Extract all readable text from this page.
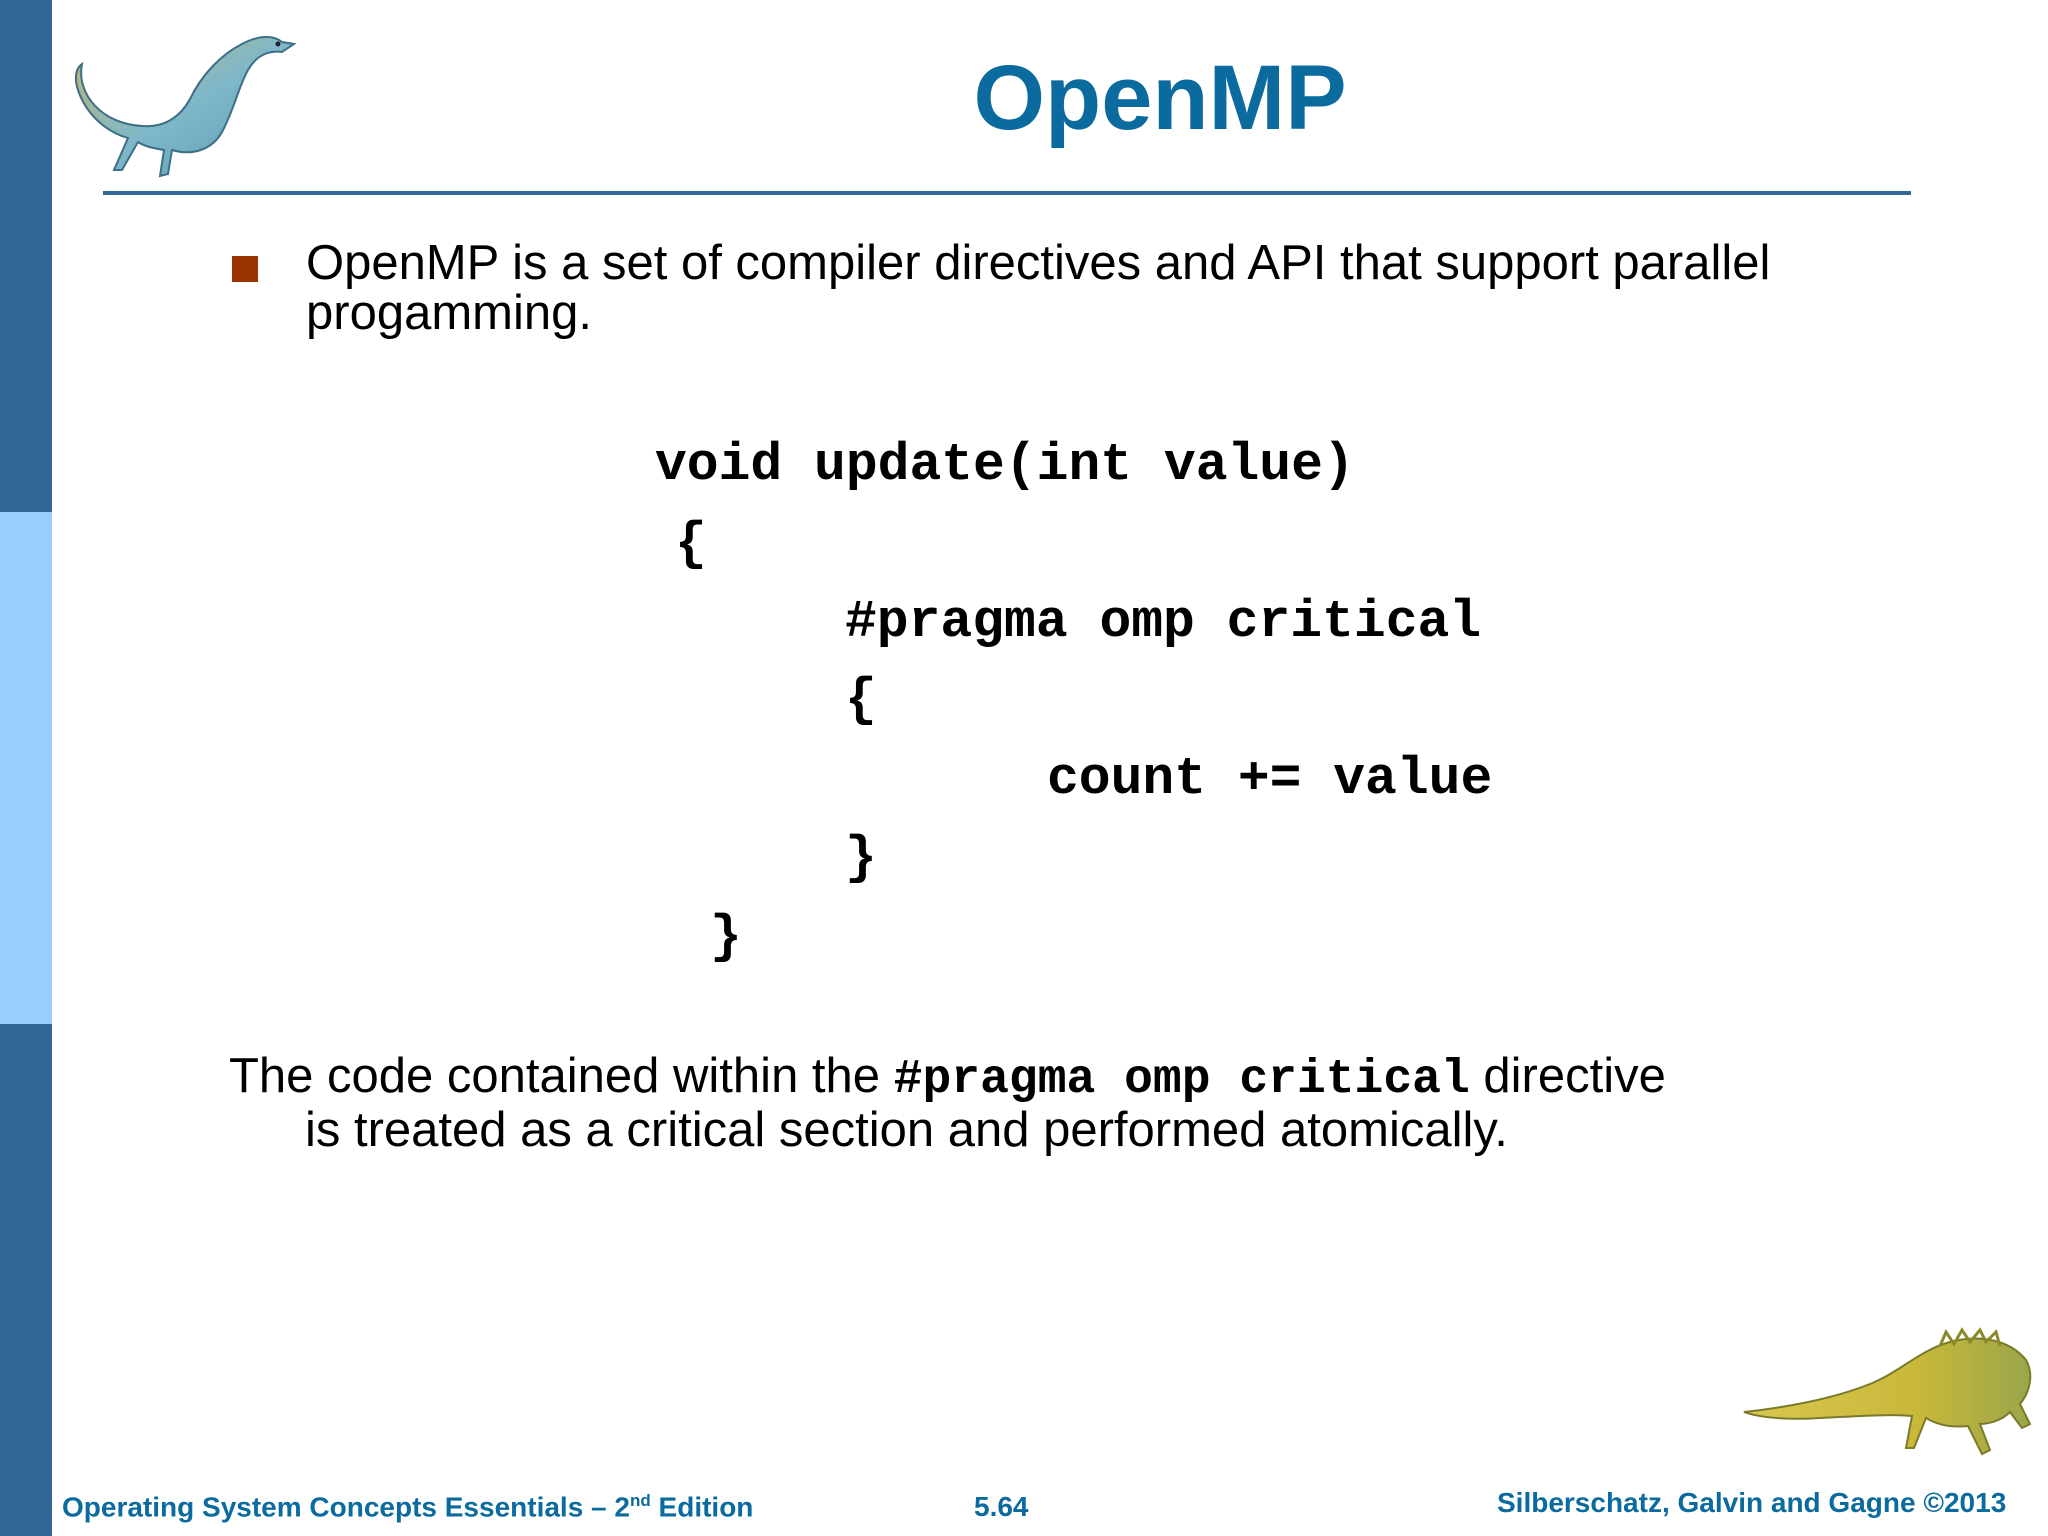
OpenMP
OpenMP is a set of compiler directives and API that support parallel progamming.
void update(int value)
{
#pragma omp critical
{
count += value
}
}
The code contained within the #pragma omp critical directive
is treated as a critical section and performed atomically.
Operating System Concepts Essentials – 2nd Edition	5.64	Silberschatz, Galvin and Gagne ©2013
